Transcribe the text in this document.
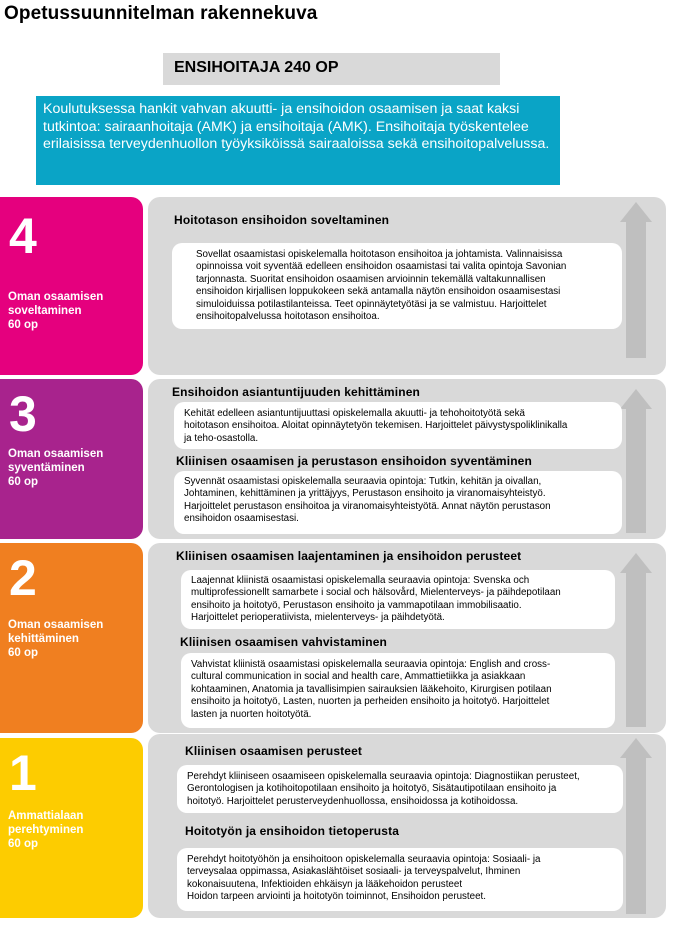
Opetussuunnitelman rakennekuva
ENSIHOITAJA 240 OP
Koulutuksessa hankit vahvan akuutti- ja ensihoidon osaamisen ja saat kaksi tutkintoa: sairaanhoitaja (AMK) ja ensihoitaja (AMK). Ensihoitaja työskentelee erilaisissa terveydenhuollon työyksiköissä sairaaloissa sekä ensihoitopalvelussa.
4
Oman osaamisen
soveltaminen
60 op
Hoitotason ensihoidon soveltaminen
Sovellat osaamistasi opiskelemalla hoitotason ensihoitoa ja johtamista. Valinnaisissa
opinnoissa voit syventää edelleen ensihoidon osaamistasi tai valita opintoja Savonian
tarjonnasta. Suoritat ensihoidon osaamisen arvioinnin tekemällä valtakunnallisen
ensihoidon kirjallisen loppukokeen sekä antamalla näytön ensihoidon osaamisestasi
simuloiduissa potilastilanteissa. Teet opinnäytetyötäsi ja se valmistuu. Harjoittelet
ensihoitopalvelussa hoitotason ensihoitoa.
3
Oman osaamisen
syventäminen
60 op
Ensihoidon asiantuntijuuden kehittäminen
Kehität edelleen asiantuntijuuttasi opiskelemalla akuutti- ja tehohoitotyötä sekä
hoitotason ensihoitoa. Aloitat opinnäytetyön tekemisen. Harjoittelet päivystyspoliklinikalla
ja teho-osastolla.
Kliinisen osaamisen ja perustason ensihoidon syventäminen
Syvennät osaamistasi opiskelemalla seuraavia opintoja: Tutkin, kehitän ja oivallan,
Johtaminen, kehittäminen ja yrittäjyys, Perustason ensihoito ja viranomaisyhteistyö.
Harjoittelet perustason ensihoitoa ja viranomaisyhteistyötä. Annat näytön perustason
ensihoidon osaamisestasi.
2
Oman osaamisen
kehittäminen
60 op
Kliinisen osaamisen laajentaminen ja ensihoidon perusteet
Laajennat kliinistä osaamistasi opiskelemalla seuraavia opintoja: Svenska och
multiprofessionellt samarbete i social och hälsovård, Mielenterveys- ja päihdepotilaan
ensihoito ja hoitotyö, Perustason ensihoito ja vammapotilaan immobilisaatio.
Harjoittelet perioperatiivista, mielenterveys- ja päihdetyötä.
Kliinisen osaamisen vahvistaminen
Vahvistat kliinistä osaamistasi opiskelemalla seuraavia opintoja: English and cross-
cultural communication in social and health care, Ammattietiikka ja asiakkaan
kohtaaminen, Anatomia ja tavallisimpien sairauksien lääkehoito, Kirurgisen potilaan
ensihoito ja hoitotyö, Lasten, nuorten ja perheiden ensihoito ja hoitotyö. Harjoittelet
lasten ja nuorten hoitotyötä.
1
Ammattialaan
perehtyminen
60 op
Kliinisen osaamisen perusteet
Perehdyt kliiniseen osaamiseen opiskelemalla seuraavia opintoja: Diagnostiikan perusteet,
Gerontologisen ja kotihoitopotilaan ensihoito ja hoitotyö, Sisätautipotilaan ensihoito ja
hoitotyö. Harjoittelet perusterveydenhuollossa, ensihoidossa ja kotihoidossa.
Hoitotyön ja ensihoidon tietoperusta
Perehdyt hoitotyöhön ja ensihoitoon opiskelemalla seuraavia opintoja: Sosiaali- ja
terveysalaa oppimassa, Asiakaslähtöiset sosiaali- ja terveyspalvelut, Ihminen
kokonaisuutena, Infektioiden ehkäisyn ja lääkehoidon perusteet
Hoidon tarpeen arviointi ja hoitotyön toiminnot, Ensihoidon perusteet.
